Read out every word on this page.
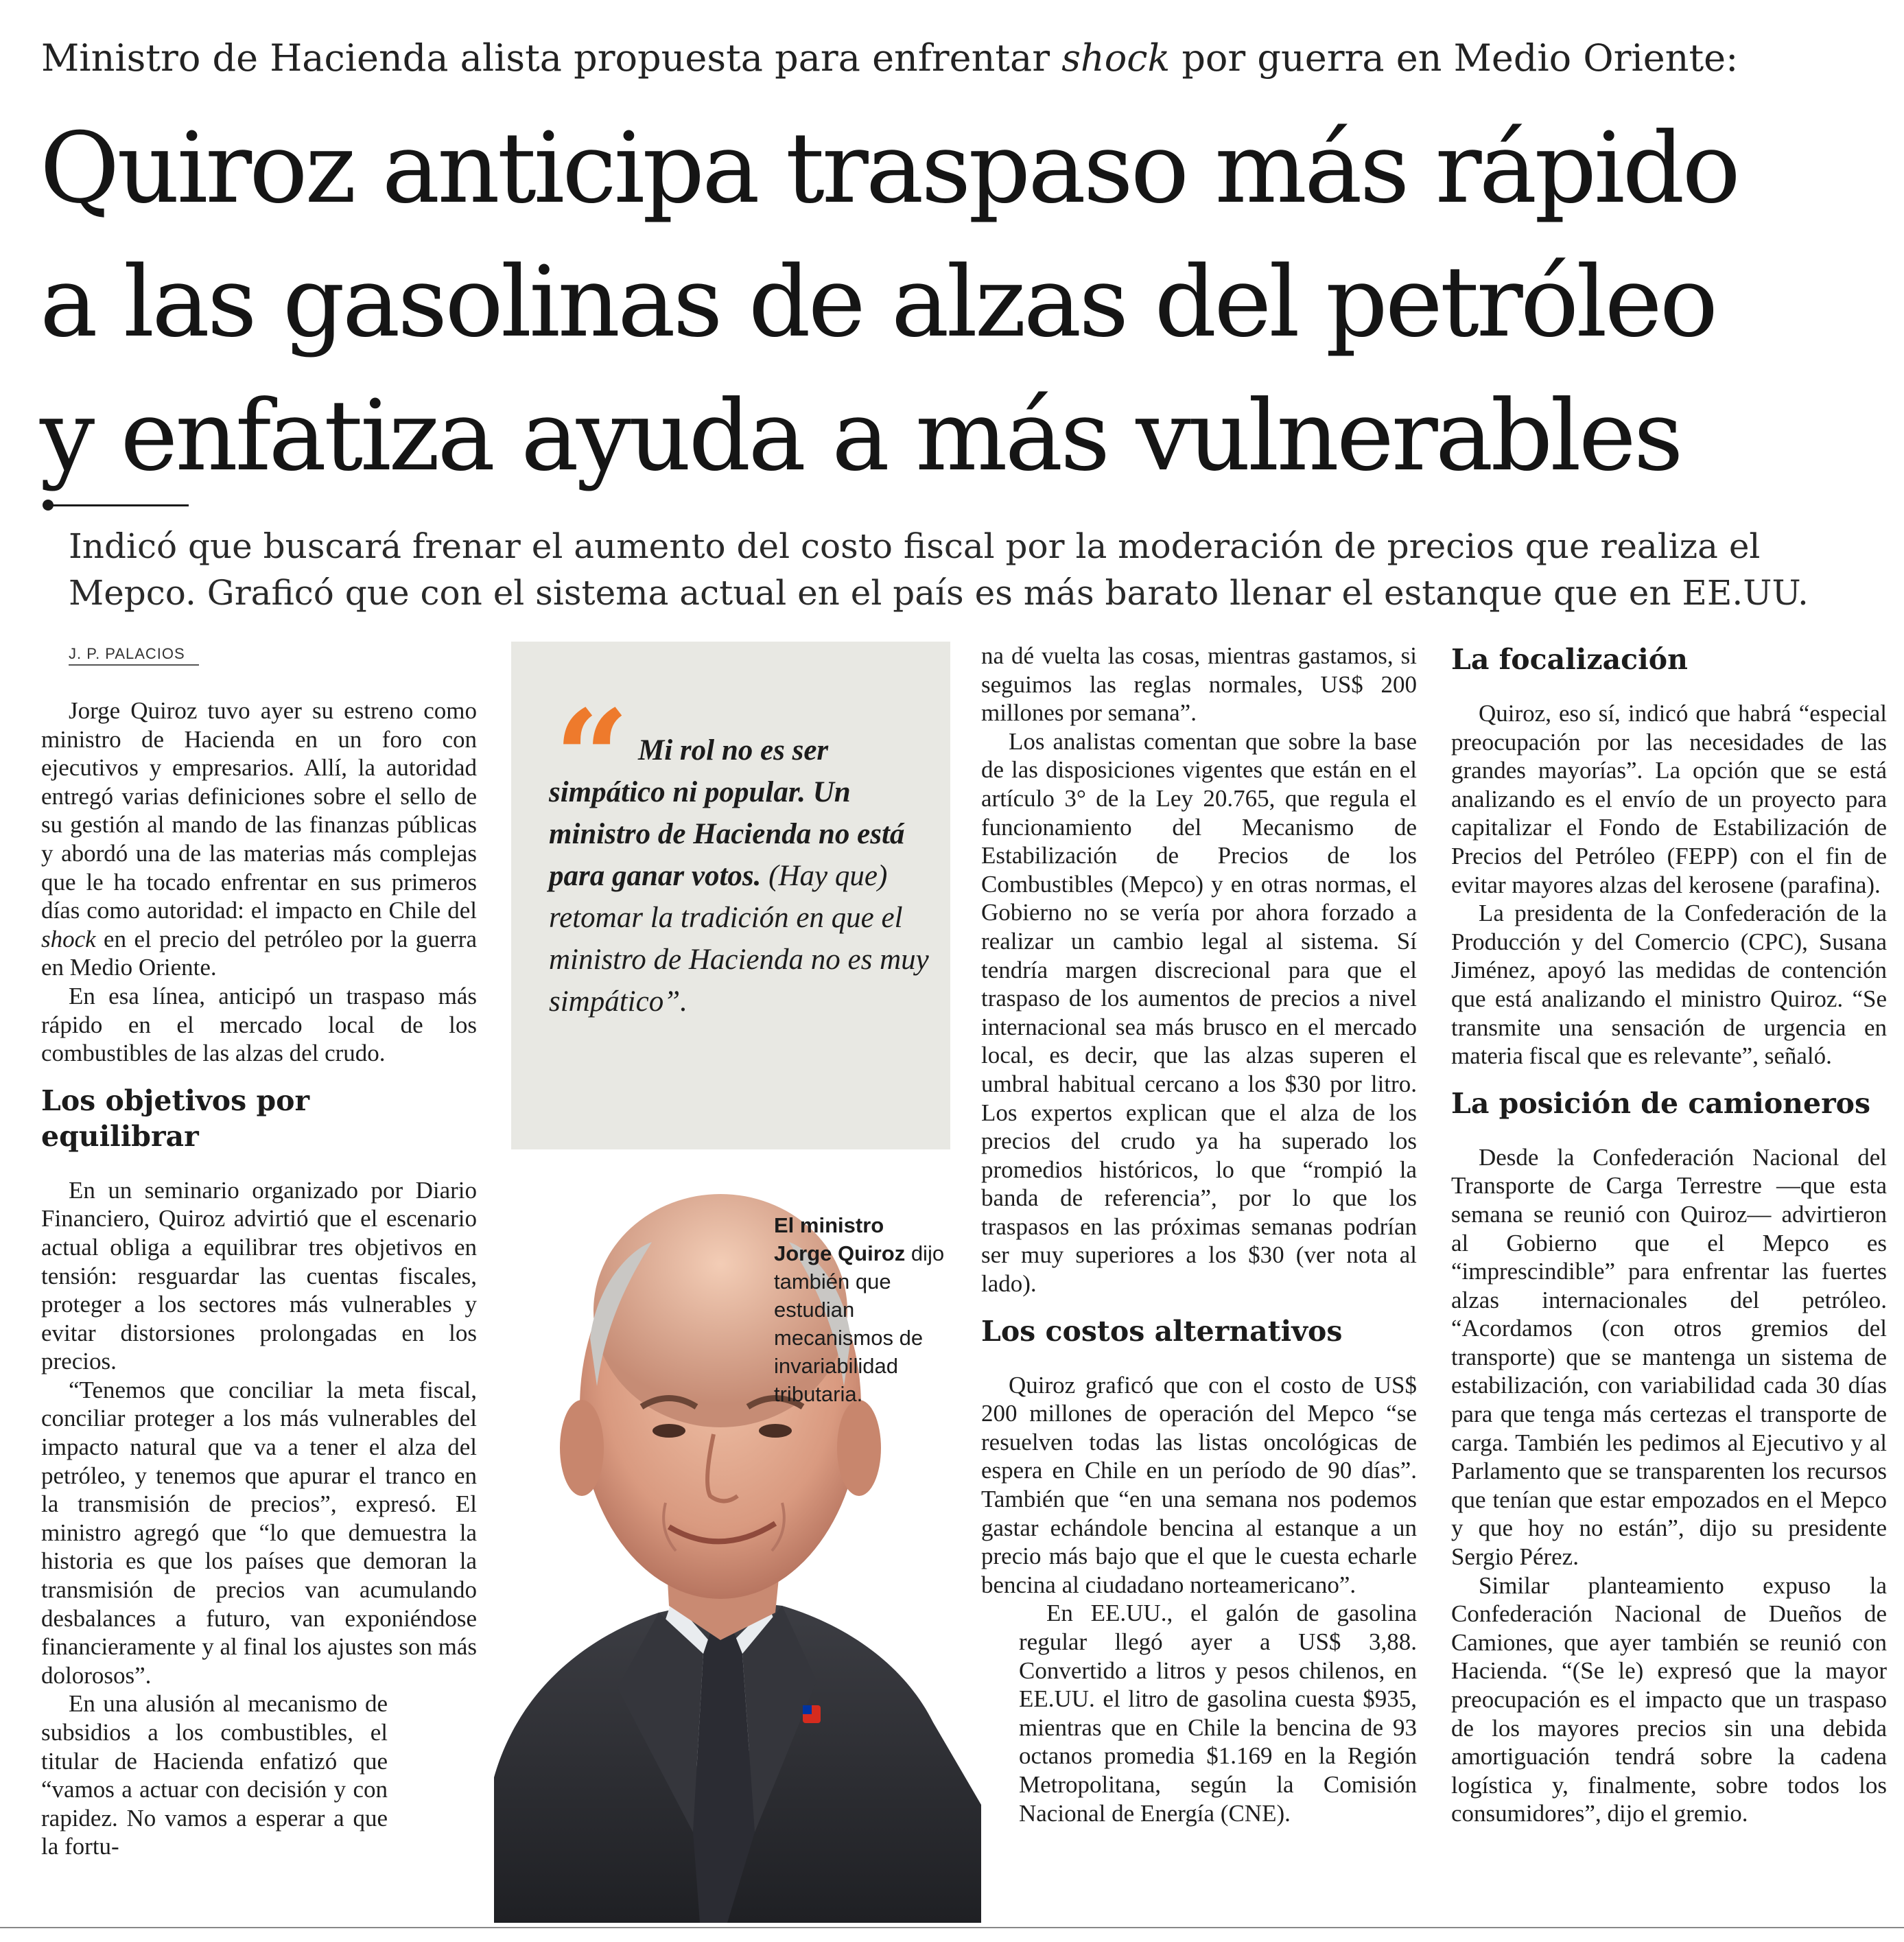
Ministro de Hacienda alista propuesta para enfrentar shock por guerra en Medio Oriente:
Quiroz anticipa traspaso más rápido
a las gasolinas de alzas del petróleo
y enfatiza ayuda a más vulnerables
Indicó que buscará frenar el aumento del costo fiscal por la moderación de precios que realiza el
Mepco. Graficó que con el sistema actual en el país es más barato llenar el estanque que en EE.UU.
J. P. PALACIOS

Jorge Quiroz tuvo ayer su estreno como ministro de Hacienda en un foro con ejecutivos y empresarios. Allí, la autoridad entregó varias definiciones sobre el sello de su gestión al mando de las finanzas públicas y abordó una de las materias más complejas que le ha tocado enfrentar en sus primeros días como autoridad: el impacto en Chile del shock en el precio del petróleo por la guerra en Medio Oriente.

En esa línea, anticipó un traspaso más rápido en el mercado local de los combustibles de las alzas del crudo.

Los objetivos por equilibrar

En un seminario organizado por Diario Financiero, Quiroz advirtió que el escenario actual obliga a equilibrar tres objetivos en tensión: resguardar las cuentas fiscales, proteger a los sectores más vulnerables y evitar distorsiones prolongadas en los precios.

“Tenemos que conciliar la meta fiscal, conciliar proteger a los más vulnerables del impacto natural que va a tener el alza del petróleo, y tenemos que apurar el tranco en la transmisión de precios”, expresó. El ministro agregó que “lo que demuestra la historia es que los países que demoran la transmisión de precios van acumulando desbalances a futuro, van exponiéndose financieramente y al final los ajustes son más dolorosos”.

En una alusión al mecanismo de subsidios a los combustibles, el titular de Hacienda enfatizó que “vamos a actuar con decisión y con rapidez. No vamos a esperar a que la fortu-

“ Mi rol no es ser simpático ni popular. Un ministro de Hacienda no está para ganar votos. (Hay que) retomar la tradición en que el ministro de Hacienda no es muy simpático”.
El ministro Jorge Quiroz dijo también que estudian mecanismos de invariabilidad tributaria.

na dé vuelta las cosas, mientras gastamos, si seguimos las reglas normales, US$ 200 millones por semana”.

Los analistas comentan que sobre la base de las disposiciones vigentes que están en el artículo 3° de la Ley 20.765, que regula el funcionamiento del Mecanismo de Estabilización de Precios de los Combustibles (Mepco) y en otras normas, el Gobierno no se vería por ahora forzado a realizar un cambio legal al sistema. Sí tendría margen discrecional para que el traspaso de los aumentos de precios a nivel internacional sea más brusco en el mercado local, es decir, que las alzas superen el umbral habitual cercano a los $30 por litro. Los expertos explican que el alza de los precios del crudo ya ha superado los promedios históricos, lo que “rompió la banda de referencia”, por lo que los traspasos en las próximas semanas podrían ser muy superiores a los $30 (ver nota al lado).

Los costos alternativos

Quiroz graficó que con el costo de US$ 200 millones de operación del Mepco “se resuelven todas las listas oncológicas de espera en Chile en un período de 90 días”. También que “en una semana nos podemos gastar echándole bencina al estanque a un precio más bajo que el que le cuesta echarle bencina al ciudadano norteamericano”.

En EE.UU., el galón de gasolina regular llegó ayer a US$ 3,88. Convertido a litros y pesos chilenos, en EE.UU. el litro de gasolina cuesta $935, mientras que en Chile la bencina de 93 octanos promedia $1.169 en la Región Metropolitana, según la Comisión Nacional de Energía (CNE).

La focalización

Quiroz, eso sí, indicó que habrá “especial preocupación por las necesidades de las grandes mayorías”. La opción que se está analizando es el envío de un proyecto para capitalizar el Fondo de Estabilización de Precios del Petróleo (FEPP) con el fin de evitar mayores alzas del kerosene (parafina).

La presidenta de la Confederación de la Producción y del Comercio (CPC), Susana Jiménez, apoyó las medidas de contención que está analizando el ministro Quiroz. “Se transmite una sensación de urgencia en materia fiscal que es relevante”, señaló.

La posición de camioneros

Desde la Confederación Nacional del Transporte de Carga Terrestre —que esta semana se reunió con Quiroz— advirtieron al Gobierno que el Mepco es “imprescindible” para enfrentar las fuertes alzas internacionales del petróleo. “Acordamos (con otros gremios del transporte) que se mantenga un sistema de estabilización, con variabilidad cada 30 días para que tenga más certezas el transporte de carga. También les pedimos al Ejecutivo y al Parlamento que se transparenten los recursos que tenían que estar empozados en el Mepco y que hoy no están”, dijo su presidente Sergio Pérez.

Similar planteamiento expuso la Confederación Nacional de Dueños de Camiones, que ayer también se reunió con Hacienda. “(Se le) expresó que la mayor preocupación es el impacto que un traspaso de los mayores precios sin una debida amortiguación tendrá sobre la cadena logística y, finalmente, sobre todos los consumidores”, dijo el gremio.
